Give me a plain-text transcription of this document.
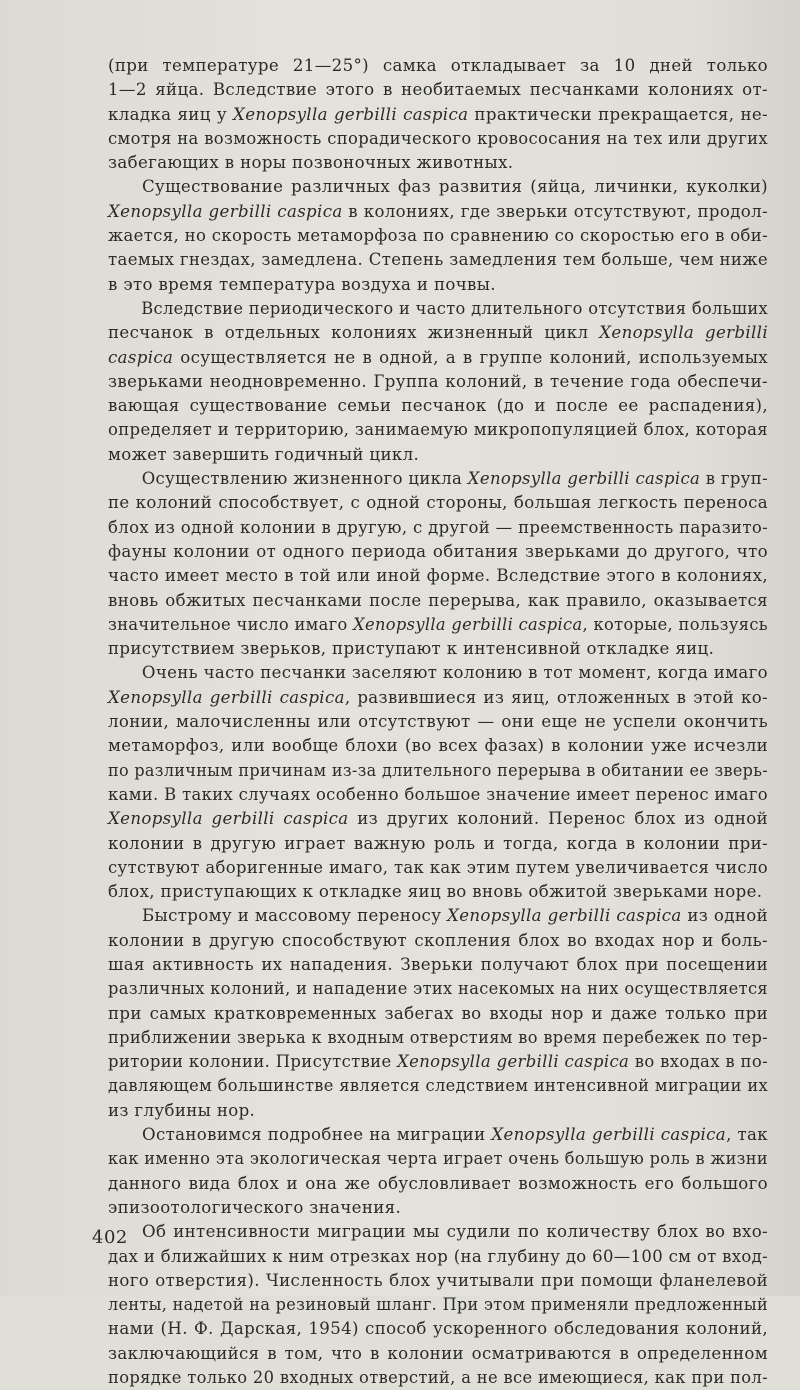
(при температуре 21—25°) самка откладывает за 10 дней только
1—2 яйца. Вследствие этого в необитаемых песчанками колониях от-
кладка яиц у Xenopsylla gerbilli caspica практически прекращается, не-
смотря на возможность спорадического кровососания на тех или других
забегающих в норы позвоночных животных.

Существование различных фаз развития (яйца, личинки, куколки)
Xenopsylla gerbilli caspica в колониях, где зверьки отсутствуют, продол-
жается, но скорость метаморфоза по сравнению со скоростью его в оби-
таемых гнездах, замедлена. Степень замедления тем больше, чем ниже
в это время температура воздуха и почвы.

Вследствие периодического и часто длительного отсутствия больших
песчанок в отдельных колониях жизненный цикл Xenopsylla gerbilli
caspica осуществляется не в одной, а в группе колоний, используемых
зверьками неодновременно. Группа колоний, в течение года обеспечи-
вающая существование семьи песчанок (до и после ее распадения),
определяет и территорию, занимаемую микропопуляцией блох, которая
может завершить годичный цикл.

Осуществлению жизненного цикла Xenopsylla gerbilli caspica в груп-
пе колоний способствует, с одной стороны, большая легкость переноса
блох из одной колонии в другую, с другой — преемственность паразито-
фауны колонии от одного периода обитания зверьками до другого, что
часто имеет место в той или иной форме. Вследствие этого в колониях,
вновь обжитых песчанками после перерыва, как правило, оказывается
значительное число имаго Xenopsylla gerbilli caspica, которые, пользуясь
присутствием зверьков, приступают к интенсивной откладке яиц.

Очень часто песчанки заселяют колонию в тот момент, когда имаго
Xenopsylla gerbilli caspica, развившиеся из яиц, отложенных в этой ко-
лонии, малочисленны или отсутствуют — они еще не успели окончить
метаморфоз, или вообще блохи (во всех фазах) в колонии уже исчезли
по различным причинам из-за длительного перерыва в обитании ее зверь-
ками. В таких случаях особенно большое значение имеет перенос имаго
Xenopsylla gerbilli caspica из других колоний. Перенос блох из одной
колонии в другую играет важную роль и тогда, когда в колонии при-
сутствуют аборигенные имаго, так как этим путем увеличивается число
блох, приступающих к откладке яиц во вновь обжитой зверьками норе.

Быстрому и массовому переносу Xenopsylla gerbilli caspica из одной
колонии в другую способствуют скопления блох во входах нор и боль-
шая активность их нападения. Зверьки получают блох при посещении
различных колоний, и нападение этих насекомых на них осуществляется
при самых кратковременных забегах во входы нор и даже только при
приближении зверька к входным отверстиям во время перебежек по тер-
ритории колонии. Присутствие Xenopsylla gerbilli caspica во входах в по-
давляющем большинстве является следствием интенсивной миграции их
из глубины нор.

Остановимся подробнее на миграции Xenopsylla gerbilli caspica, так
как именно эта экологическая черта играет очень большую роль в жизни
данного вида блох и она же обусловливает возможность его большого
эпизоотологического значения.

Об интенсивности миграции мы судили по количеству блох во вхо-
дах и ближайших к ним отрезках нор (на глубину до 60—100 см от вход-
ного отверстия). Численность блох учитывали при помощи фланелевой
ленты, надетой на резиновый шланг. При этом применяли предложенный
нами (Н. Ф. Дарская, 1954) способ ускоренного обследования колоний,
заключающийся в том, что в колонии осматриваются в определенном
порядке только 20 входных отверстий, а не все имеющиеся, как при пол-

402
